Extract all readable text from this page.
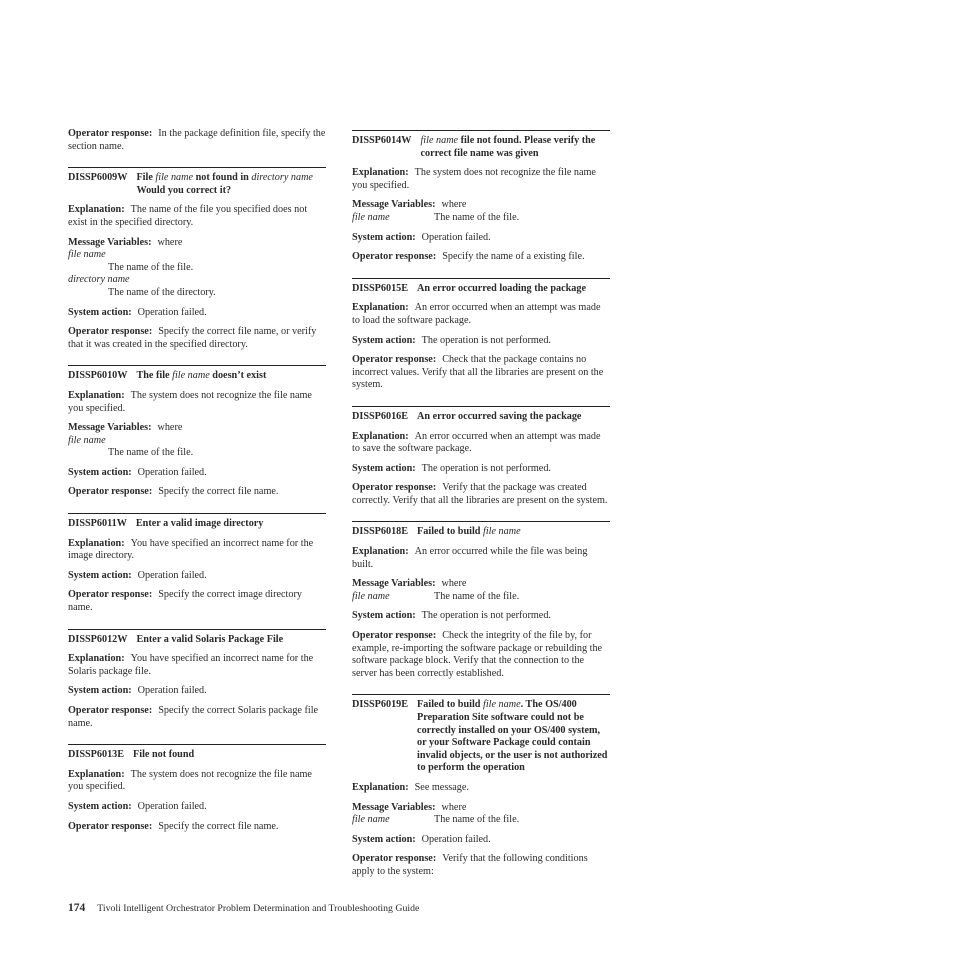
Operator response: In the package definition file, specify the section name.

DISSP6009W File file name not found in directory name
Would you correct it?

Explanation: The name of the file you specified does not exist in the specified directory.

Message Variables: where
file name
The name of the file.
directory name
The name of the directory.

System action: Operation failed.

Operator response: Specify the correct file name, or verify that it was created in the specified directory.

DISSP6010W The file file name doesn’t exist

Explanation: The system does not recognize the file name you specified.

Message Variables: where
file name
The name of the file.

System action: Operation failed.

Operator response: Specify the correct file name.

DISSP6011W Enter a valid image directory

Explanation: You have specified an incorrect name for the image directory.

System action: Operation failed.

Operator response: Specify the correct image directory name.

DISSP6012W Enter a valid Solaris Package File

Explanation: You have specified an incorrect name for the Solaris package file.

System action: Operation failed.

Operator response: Specify the correct Solaris package file name.

DISSP6013E File not found

Explanation: The system does not recognize the file name you specified.

System action: Operation failed.

Operator response: Specify the correct file name.

DISSP6014W file name file not found. Please verify the correct file name was given

Explanation: The system does not recognize the file name you specified.

Message Variables: where
file name	The name of the file.

System action: Operation failed.

Operator response: Specify the name of a existing file.

DISSP6015E An error occurred loading the package

Explanation: An error occurred when an attempt was made to load the software package.

System action: The operation is not performed.

Operator response: Check that the package contains no incorrect values. Verify that all the libraries are present on the system.

DISSP6016E An error occurred saving the package

Explanation: An error occurred when an attempt was made to save the software package.

System action: The operation is not performed.

Operator response: Verify that the package was created correctly. Verify that all the libraries are present on the system.

DISSP6018E Failed to build file name

Explanation: An error occurred while the file was being built.

Message Variables: where
file name	The name of the file.

System action: The operation is not performed.

Operator response: Check the integrity of the file by, for example, re-importing the software package or rebuilding the software package block. Verify that the connection to the server has been correctly established.

DISSP6019E Failed to build file name. The OS/400 Preparation Site software could not be correctly installed on your OS/400 system, or your Software Package could contain invalid objects, or the user is not authorized to perform the operation

Explanation: See message.

Message Variables: where
file name	The name of the file.

System action: Operation failed.

Operator response: Verify that the following conditions apply to the system:

174 Tivoli Intelligent Orchestrator Problem Determination and Troubleshooting Guide
